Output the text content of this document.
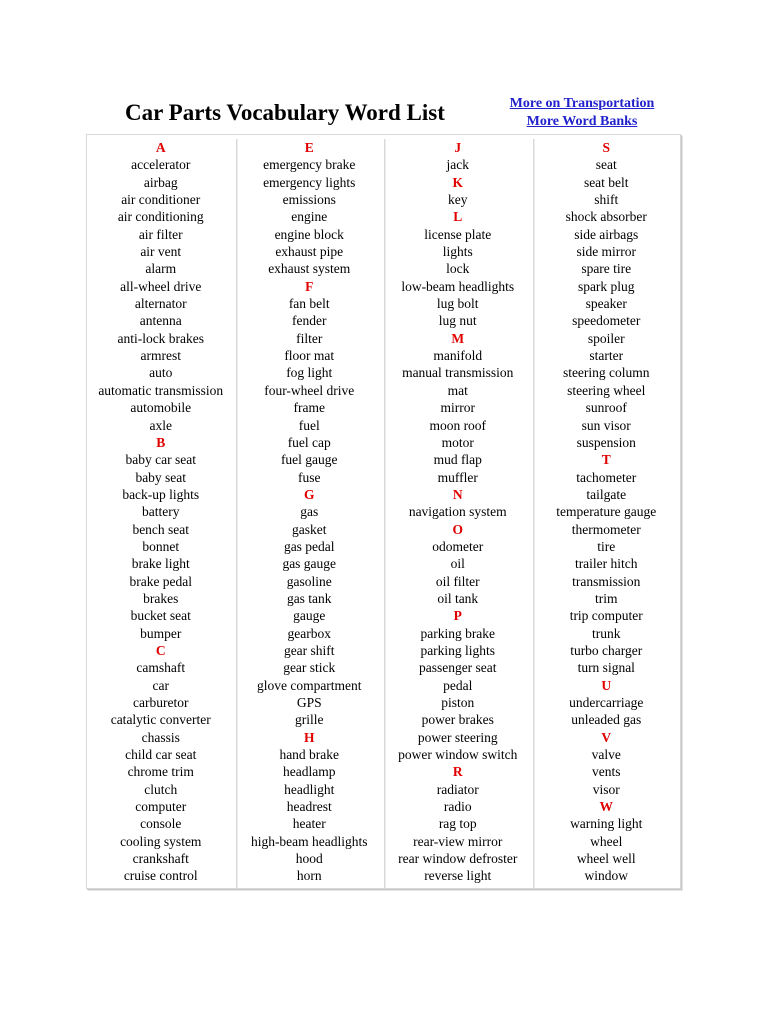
Car Parts Vocabulary Word List	More on Transportation
More Word Banks
A
accelerator
airbag
air conditioner
air conditioning
air filter
air vent
alarm
all-wheel drive
alternator
antenna
anti-lock brakes
armrest
auto
automatic transmission
automobile
axle
B
baby car seat
baby seat
back-up lights
battery
bench seat
bonnet
brake light
brake pedal
brakes
bucket seat
bumper
C
camshaft
car
carburetor
catalytic converter
chassis
child car seat
chrome trim
clutch
computer
console
cooling system
crankshaft
cruise control
E
emergency brake
emergency lights
emissions
engine
engine block
exhaust pipe
exhaust system
F
fan belt
fender
filter
floor mat
fog light
four-wheel drive
frame
fuel
fuel cap
fuel gauge
fuse
G
gas
gasket
gas pedal
gas gauge
gasoline
gas tank
gauge
gearbox
gear shift
gear stick
glove compartment
GPS
grille
H
hand brake
headlamp
headlight
headrest
heater
high-beam headlights
hood
horn
J
jack
K
key
L
license plate
lights
lock
low-beam headlights
lug bolt
lug nut
M
manifold
manual transmission
mat
mirror
moon roof
motor
mud flap
muffler
N
navigation system
O
odometer
oil
oil filter
oil tank
P
parking brake
parking lights
passenger seat
pedal
piston
power brakes
power steering
power window switch
R
radiator
radio
rag top
rear-view mirror
rear window defroster
reverse light
S
seat
seat belt
shift
shock absorber
side airbags
side mirror
spare tire
spark plug
speaker
speedometer
spoiler
starter
steering column
steering wheel
sunroof
sun visor
suspension
T
tachometer
tailgate
temperature gauge
thermometer
tire
trailer hitch
transmission
trim
trip computer
trunk
turbo charger
turn signal
U
undercarriage
unleaded gas
V
valve
vents
visor
W
warning light
wheel
wheel well
window
